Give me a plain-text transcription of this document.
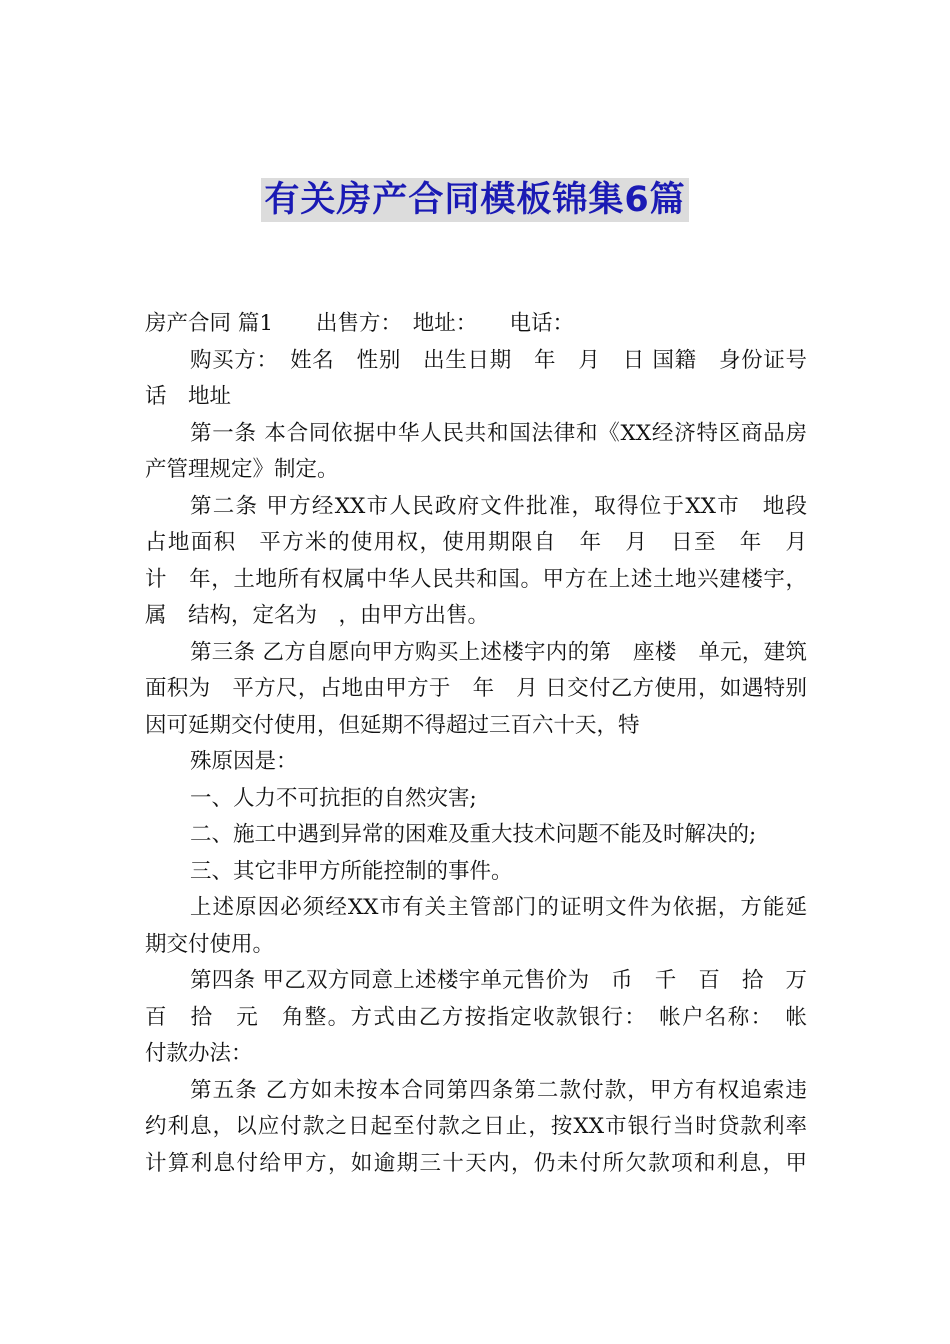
有关房产合同模板锦集6篇
房产合同 篇1　　出售方：　地址：　　电话：
购买方：　姓名　性别　出生日期　年　月　日 国籍　身份证号　
话　地址
第一条 本合同依据中华人民共和国法律和《XX经济特区商品房
产管理规定》制定。
第二条 甲方经XX市人民政府文件批准，取得位于XX市　地段
占地面积　平方米的使用权，使用期限自　年　月　日至　年　月　
计　年，土地所有权属中华人民共和国。甲方在上述土地兴建楼宇，
属　结构，定名为　，由甲方出售。
第三条 乙方自愿向甲方购买上述楼宇内的第　座楼　单元，建筑
面积为　平方尺，占地由甲方于　年　月 日交付乙方使用，如遇特别
因可延期交付使用，但延期不得超过三百六十天，特
殊原因是：
一、人力不可抗拒的自然灾害;
二、施工中遇到异常的困难及重大技术问题不能及时解决的;
三、其它非甲方所能控制的事件。
上述原因必须经XX市有关主管部门的证明文件为依据，方能延
期交付使用。
第四条 甲乙双方同意上述楼宇单元售价为　币　千　百　拾　万　
百　拾　元　角整。方式由乙方按指定收款银行：　帐户名称：　帐
付款办法：
第五条 乙方如未按本合同第四条第二款付款，甲方有权追索违
约利息，以应付款之日起至付款之日止，按XX市银行当时贷款利率
计算利息付给甲方，如逾期三十天内，仍未付所欠款项和利息，甲
